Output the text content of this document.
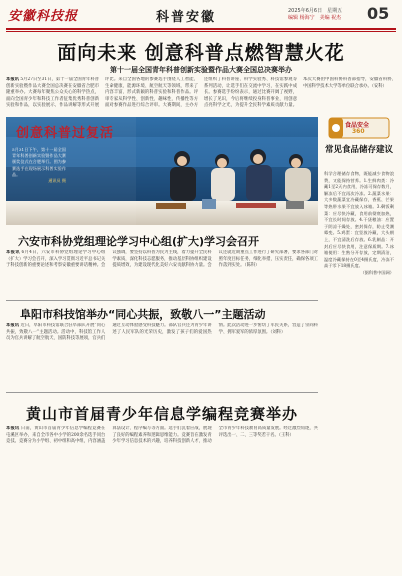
安徽科技报	科普安徽	2025年6月6日　星期五
编辑 杨海宁　美编 祝杰 05
面向未来 创意科普点燃智慧火花
第十一届全国青年科普创新实验暨作品大赛全国总决赛举办
本报讯 5月27日至31日，第十一届全国青年科普创新实验暨作品大赛全国总决赛在安徽省合肥市隆重举办。大赛每年聚焦公众关心的科学热点，面向全国青少年和科技工作者征集优秀科普创新实验和作品，以实验展示、作品讲解等形式开展评比。来自全国各地的参赛选手围绕人工智能、生命健康、能源环境、航空航天等领域，带来了内容丰富、形式新颖的科普实验和科普作品。评审专家从科学性、创新性、趣味性、传播性等方面对参赛作品进行综合评审。大赛期间，主办方还组织了科普讲座、科学实验秀、科技馆参观等系列活动，让选手们在交流中学习，在实践中成长。参赛选手纷纷表示，通过比赛开阔了视野，增长了见识，今后将继续投身科普事业，用创意点亮科学之光，为提升全民科学素质贡献力量。本次大赛由中国科协科普部指导，安徽省科协、中国科学技术大学等单位联合承办。（安科）
创意科普过复活
5月31日下午，第十一届全国青年科普创新实验暨作品大赛颁奖仪式在合肥举行。图为参赛选手在现场展示科普实验作品。
通讯员 摄
食品安全
360
常见食品储存建议
科学合理储存食物，既能减少食物浪费，又能保持营养。1.生鲜肉类：冷藏1至2天内食用，冷冻可保存数月，解冻后不宜再次冷冻。2.蔬菜水果：大多数蔬菜宜冷藏保存，香蕉、芒果等热带水果不宜放入冰箱。3.剩饭剩菜：应尽快冷藏，食用前彻底加热，不宜长时间存放。4.干货粮油：应置于阴凉干燥处，密封保存，防止受潮霉变。5.鸡蛋：宜竖放冷藏，大头朝上，不宜清洗后存放。6.乳制品：开封后应尽快食用，注意保质期。7.冰箱使用：生熟分开存放，定期清洁，温度冷藏保持在0至4摄氏度，冷冻不高于零下18摄氏度。
（据科普中国网）
六安市科协党组理论学习中心组(扩大)学习会召开
本报讯 6月4日，六安市科协党组理论学习中心组（扩大）学习会召开，深入学习贯彻习近平总书记关于科技创新的重要论述和考察安徽重要讲话精神。会议强调，要坚持以科普为民为主线，着力提升全民科学素质，深化科技志愿服务，推动基层科协组织建设提质增效，为建设现代化美好六安贡献科协力量。会议还就近期重点工作进行了研究部署，要求各部门对照年度目标任务，细化举措，压实责任，确保各项工作落到实处。（陈科）
阜阳市科技馆举办“同心共振，致敬八一”主题活动
本报讯 近日，阜阳市科技馆联合驻阜部队开展“同心共振，致敬八一”主题活动。活动中，科技馆工作人员为官兵讲解了航空航天、国防科技等展项，官兵们通过互动体验感受科技魅力。部队官兵还为青少年讲述了人民军队的光荣历史，激发了孩子们的爱国热情。此次活动进一步密切了军民关系，营造了崇尚科学、拥军爱军的浓厚氛围。（刘科）
黄山市首届青少年信息学编程竞赛举办
本报讯 日前，黄山市首届青少年信息学编程竞赛在屯溪区举办，来自全市各中小学的200余名选手同台竞技。竞赛分为小学组、初中组和高中组，内容涵盖算法设计、程序编写等方面。选手们沉着应战，展现了良好的编程素养和逻辑思维能力。竞赛旨在激发青少年学习信息技术的兴趣，培养科技创新人才，推动全市青少年科技教育高质量发展。经过激烈角逐，共评选出一、二、三等奖若干名。（王科）
